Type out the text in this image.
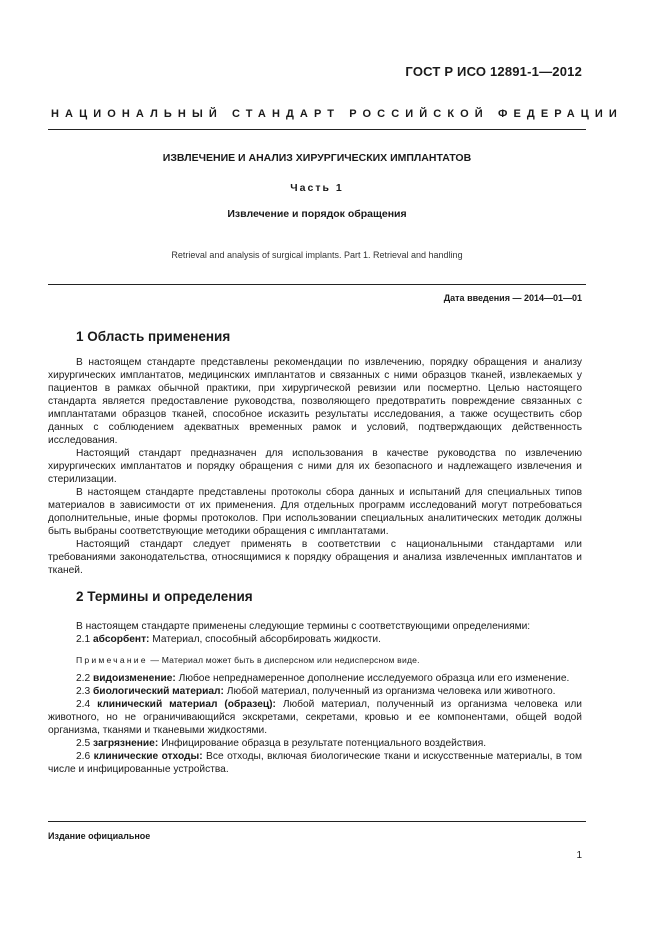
ГОСТ Р ИСО 12891-1—2012
НАЦИОНАЛЬНЫЙ СТАНДАРТ РОССИЙСКОЙ ФЕДЕРАЦИИ
ИЗВЛЕЧЕНИЕ И АНАЛИЗ ХИРУРГИЧЕСКИХ ИМПЛАНТАТОВ
Часть 1
Извлечение и порядок обращения
Retrieval and analysis of surgical implants. Part 1. Retrieval and handling
Дата введения — 2014—01—01
1 Область применения

В настоящем стандарте представлены рекомендации по извлечению, порядку обращения и анализу хирургических имплантатов, медицинских имплантатов и связанных с ними образцов тканей, извлекаемых у пациентов в рамках обычной практики, при хирургической ревизии или посмертно. Целью настоящего стандарта является предоставление руководства, позволяющего предотвратить повреждение связанных с имплантатами образцов тканей, способное исказить результаты исследования, а также осуществить сбор данных с соблюдением адекватных временных рамок и условий, подтверждающих действенность исследования.

Настоящий стандарт предназначен для использования в качестве руководства по извлечению хирургических имплантатов и порядку обращения с ними для их безопасного и надлежащего извлечения и стерилизации.

В настоящем стандарте представлены протоколы сбора данных и испытаний для специальных типов материалов в зависимости от их применения. Для отдельных программ исследований могут потребоваться дополнительные, иные формы протоколов. При использовании специальных аналитических методик должны быть выбраны соответствующие методики обращения с имплантатами.

Настоящий стандарт следует применять в соответствии с национальными стандартами или требованиями законодательства, относящимися к порядку обращения и анализа извлеченных имплантатов и тканей.

2 Термины и определения

В настоящем стандарте применены следующие термины с соответствующими определениями:

2.1 абсорбент: Материал, способный абсорбировать жидкости.

Примечание — Материал может быть в дисперсном или недисперсном виде.

2.2 видоизменение: Любое непреднамеренное дополнение исследуемого образца или его изменение.

2.3 биологический материал: Любой материал, полученный из организма человека или животного.

2.4 клинический материал (образец): Любой материал, полученный из организма человека или животного, но не ограничивающийся экскретами, секретами, кровью и ее компонентами, общей водой организма, тканями и тканевыми жидкостями.

2.5 загрязнение: Инфицирование образца в результате потенциального воздействия.

2.6 клинические отходы: Все отходы, включая биологические ткани и искусственные материалы, в том числе и инфицированные устройства.

Издание официальное
1
